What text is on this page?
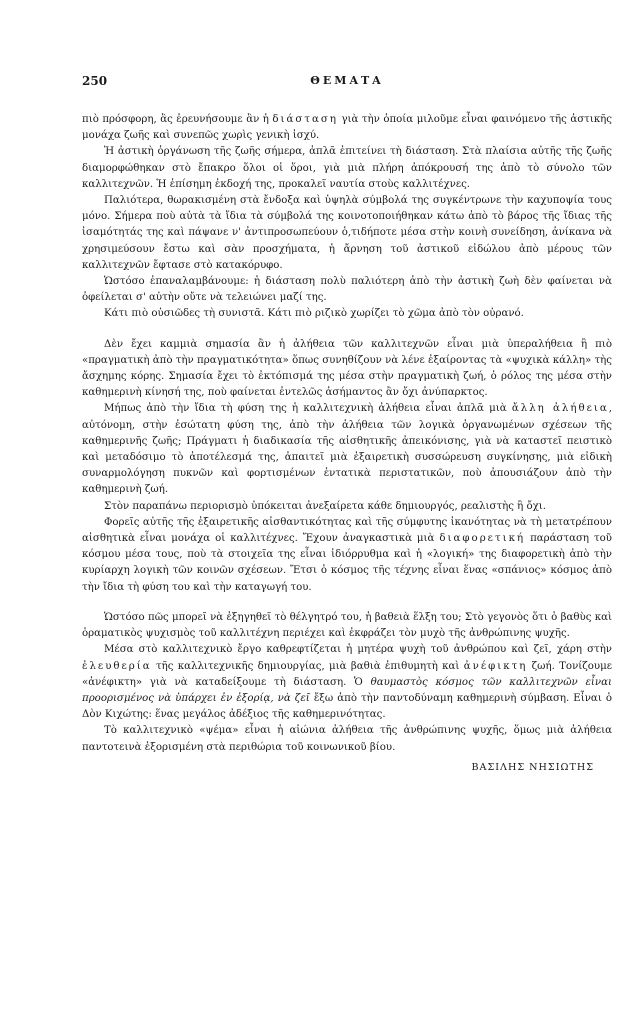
250	ΘΕΜΑΤΑ

πιὸ πρόσφορη, ἂς ἐρευνήσουμε ἂν ἡ διάσταση γιὰ τὴν ὁποία μιλοῦμε εἶναι φαινόμενο τῆς ἀστικῆς μονάχα ζωῆς καὶ συνεπῶς χωρὶς γενικὴ ἰσχύ.

Ἡ ἀστικὴ ὀργάνωση τῆς ζωῆς σήμερα, ἁπλᾶ ἐπιτείνει τὴ διάσταση. Στὰ πλαίσια αὐτῆς τῆς ζωῆς διαμορφώθηκαν στὸ ἔπακρο ὅλοι οἱ ὅροι, γιὰ μιὰ πλήρη ἀπόκρουσή της ἀπὸ τὸ σύνολο τῶν καλλιτεχνῶν. Ἡ ἐπίσημη ἐκδοχή της, προκαλεῖ ναυτία στοὺς καλλιτέχνες.

Παλιότερα, θωρακισμένη στὰ ἔνδοξα καὶ ὑψηλὰ σύμβολά της συγκέντρωνε τὴν καχυποψία τους μόνο. Σήμερα ποὺ αὐτὰ τὰ ἴδια τὰ σύμβολά της κοινοτοποιήθηκαν κάτω ἀπὸ τὸ βάρος τῆς ἴδιας τῆς ἰσαμότητάς της καὶ πάψανε ν' ἀντιπροσωπεύουν ὁ,τιδήποτε μέσα στὴν κοινὴ συνείδηση, ἀνίκανα νὰ χρησιμεύσουν ἔστω καὶ σὰν προσχήματα, ἡ ἄρνηση τοῦ ἀστικοῦ εἰδώλου ἀπὸ μέρους τῶν καλλιτεχνῶν ἔφτασε στὸ κατακόρυφο.

Ὡστόσο ἐπαναλαμβάνουμε: ἡ διάσταση πολὺ παλιότερη ἀπὸ τὴν ἀστικὴ ζωὴ δὲν φαίνεται νὰ ὀφείλεται σ' αὐτὴν οὔτε νὰ τελειώνει μαζί της.

Κάτι πιὸ οὐσιῶδες τὴ συνιστᾶ. Κάτι πιὸ ριζικὸ χωρίζει τὸ χῶμα ἀπὸ τὸν οὐρανό.

Δὲν ἔχει καμμιὰ σημασία ἂν ἡ ἀλήθεια τῶν καλλιτεχνῶν εἶναι μιὰ ὑπεραλήθεια ἢ πιὸ «πραγματικὴ ἀπὸ τὴν πραγματικότητα» ὅπως συνηθίζουν νὰ λένε ἐξαίροντας τὰ «ψυχικὰ κάλλη» τὴς ἄσχημης κόρης. Σημασία ἔχει τὸ ἐκτόπισμά της μέσα στὴν πραγματικὴ ζωή, ὁ ρόλος της μέσα στὴν καθημερινὴ κίνησή της, ποὺ φαίνεται ἐντελῶς ἀσήμαντος ἂν ὄχι ἀνύπαρκτος.

Μήπως ἀπὸ τὴν ἴδια τὴ φύση της ἡ καλλιτεχνικὴ ἀλήθεια εἶναι ἁπλᾶ μιὰ ἄλλη ἀλήθεια, αὐτόνομη, στὴν ἐσώτατη φύση της, ἀπὸ τὴν ἀλήθεια τῶν λογικὰ ὀργανωμένων σχέσεων τῆς καθημερινῆς ζωῆς; Πράγματι ἡ διαδικασία τῆς αἰσθητικῆς ἀπεικόνισης, γιὰ νὰ καταστεῖ πειστικὸ καὶ μεταδόσιμο τὸ ἀποτέλεσμά της, ἀπαιτεῖ μιὰ ἐξαιρετικὴ συσσώρευση συγκίνησης, μιὰ εἰδικὴ συναρμολόγηση πυκνῶν καὶ φορτισμένων ἐντατικὰ περιστατικῶν, ποὺ ἀπουσιάζουν ἀπὸ τὴν καθημερινὴ ζωή.

Στὸν παραπάνω περιορισμὸ ὑπόκειται ἀνεξαίρετα κάθε δημιουργός, ρεαλιστὴς ἢ ὄχι.

Φορεῖς αὐτῆς τῆς ἐξαιρετικῆς αἰσθαντικότητας καὶ τῆς σύμφυτης ἱκανότητας νὰ τὴ μετατρέπουν αἰσθητικὰ εἶναι μονάχα οἱ καλλιτέχνες. Ἔχουν ἀναγκαστικὰ μιὰ διαφορετική παράσταση τοῦ κόσμου μέσα τους, ποὺ τὰ στοιχεῖα της εἶναι ἰδιόρρυθμα καὶ ἡ «λογική» της διαφορετικὴ ἀπὸ τὴν κυρίαρχη λογικὴ τῶν κοινῶν σχέσεων. Ἔτσι ὁ κόσμος τῆς τέχνης εἶναι ἕνας «σπάνιος» κόσμος ἀπὸ τὴν ἴδια τὴ φύση του καὶ τὴν καταγωγή του.

Ὡστόσο πῶς μπορεῖ νὰ ἐξηγηθεῖ τὸ θέλγητρό του, ἡ βαθειὰ ἕλξη του; Στὸ γεγονὸς ὅτι ὁ βαθὺς καὶ ὁραματικὸς ψυχισμὸς τοῦ καλλιτέχνη περιέχει καὶ ἐκφράζει τὸν μυχὸ τῆς ἀνθρώπινης ψυχῆς.

Μέσα στὸ καλλιτεχνικὸ ἔργο καθρεφτίζεται ἡ μητέρα ψυχὴ τοῦ ἀνθρώπου καὶ ζεῖ, χάρη στὴν ἐλευθερία τῆς καλλιτεχνικῆς δημιουργίας, μιὰ βαθιὰ ἐπιθυμητὴ καὶ ἀνέφικτη ζωή. Τονίζουμε «ἀνέφικτη» γιὰ νὰ καταδείξουμε τὴ διάσταση. Ὁ θαυμαστὸς κόσμος τῶν καλλιτεχνῶν εἶναι προορισμένος νὰ ὑπάρχει ἐν ἐξορίᾳ, νὰ ζεῖ ἔξω ἀπὸ τὴν παντοδύναμη καθημερινὴ σύμβαση. Εἶναι ὁ Δὸν Κιχώτης: ἕνας μεγάλος ἀδέξιος τῆς καθημερινότητας.

Τὸ καλλιτεχνικὸ «ψέμα» εἶναι ἡ αἰώνια ἀλήθεια τῆς ἀνθρώπινης ψυχῆς, ὅμως μιὰ ἀλήθεια παντοτεινὰ ἐξορισμένη στὰ περιθώρια τοῦ κοινωνικοῦ βίου.

ΒΑΣΙΛΗΣ ΝΗΣΙΩΤΗΣ
